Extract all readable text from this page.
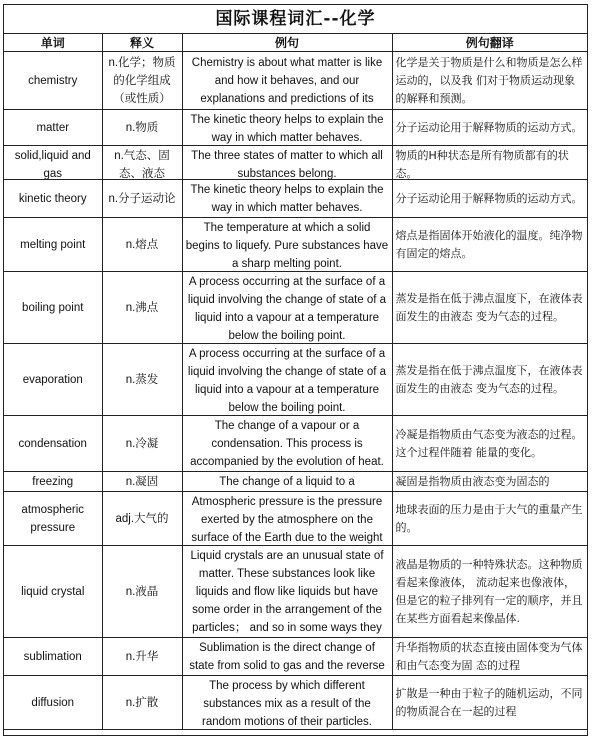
国际课程词汇--化学
单词	释义	例句	例句翻译

chemistry	n.化学；物质的化学组成（或性质）	Chemistry is about what matter is like and how it behaves, and our explanations and predictions of its	化学是关于物质是什么和物质是怎么样运动的，以及我 们对于物质运动现象的解释和预测。

matter	n.物质	The kinetic theory helps to explain the way in which matter behaves.	分子运动论用于解释物质的运动方式。

solid,liquid and gas	n.气态、固态、液态	The three states of matter to which all substances belong.	物质的H种状态是所有物质都有的状态。

kinetic theory	n.分子运动论	The kinetic theory helps to explain the way in which matter behaves.	分子运动论用于解释物质的运动方式。

melting point	n.熔点	The temperature at which a solid begins to liquefy. Pure substances have a sharp melting point.	熔点是指固体开始液化的温度。纯净物有固定的熔点。

boiling point	n.沸点	A process occurring at the surface of a liquid involving the change of state of a liquid into a vapour at a temperature below the boiling point.	蒸发是指在低于沸点温度下，在液体表面发生的由液态 变为气态的过程。

evaporation	n.蒸发	A process occurring at the surface of a liquid involving the change of state of a liquid into a vapour at a temperature below the boiling point.	蒸发是指在低于沸点温度下，在液体表面发生的由液态 变为气态的过程。

condensation	n.冷凝	The change of a vapour or a condensation. This process is accompanied by the evolution of heat.	冷凝是指物质由气态变为液态的过程。这个过程伴随着 能量的变化。

freezing	n.凝固	The change of a liquid to a	凝固是指物质由液态变为固态的

atmospheric pressure	adj.大气的	Atmospheric pressure is the pressure exerted by the atmosphere on the surface of the Earth due to the weight	地球表面的压力是由于大气的重量产生的。

liquid crystal	n.液晶	Liquid crystals are an unusual state of matter. These substances look like liquids and flow like liquids but have some order in the arrangement of the particles； and so in some ways they	液晶是物质的一种特殊状态。这种物质看起来像液体， 流动起来也像液体，但是它的粒子排列有一定的顺序，并且在某些方面看起来像晶体.

sublimation	n.升华	Sublimation is the direct change of state from solid to gas and the reverse	升华指物质的状态直接由固体变为气体和由气态变为固 态的过程

diffusion	n.扩散	The process by which different substances mix as a result of the random motions of their particles.	扩散是一种由于粒子的随机运动，不同的物质混合在一起的过程
